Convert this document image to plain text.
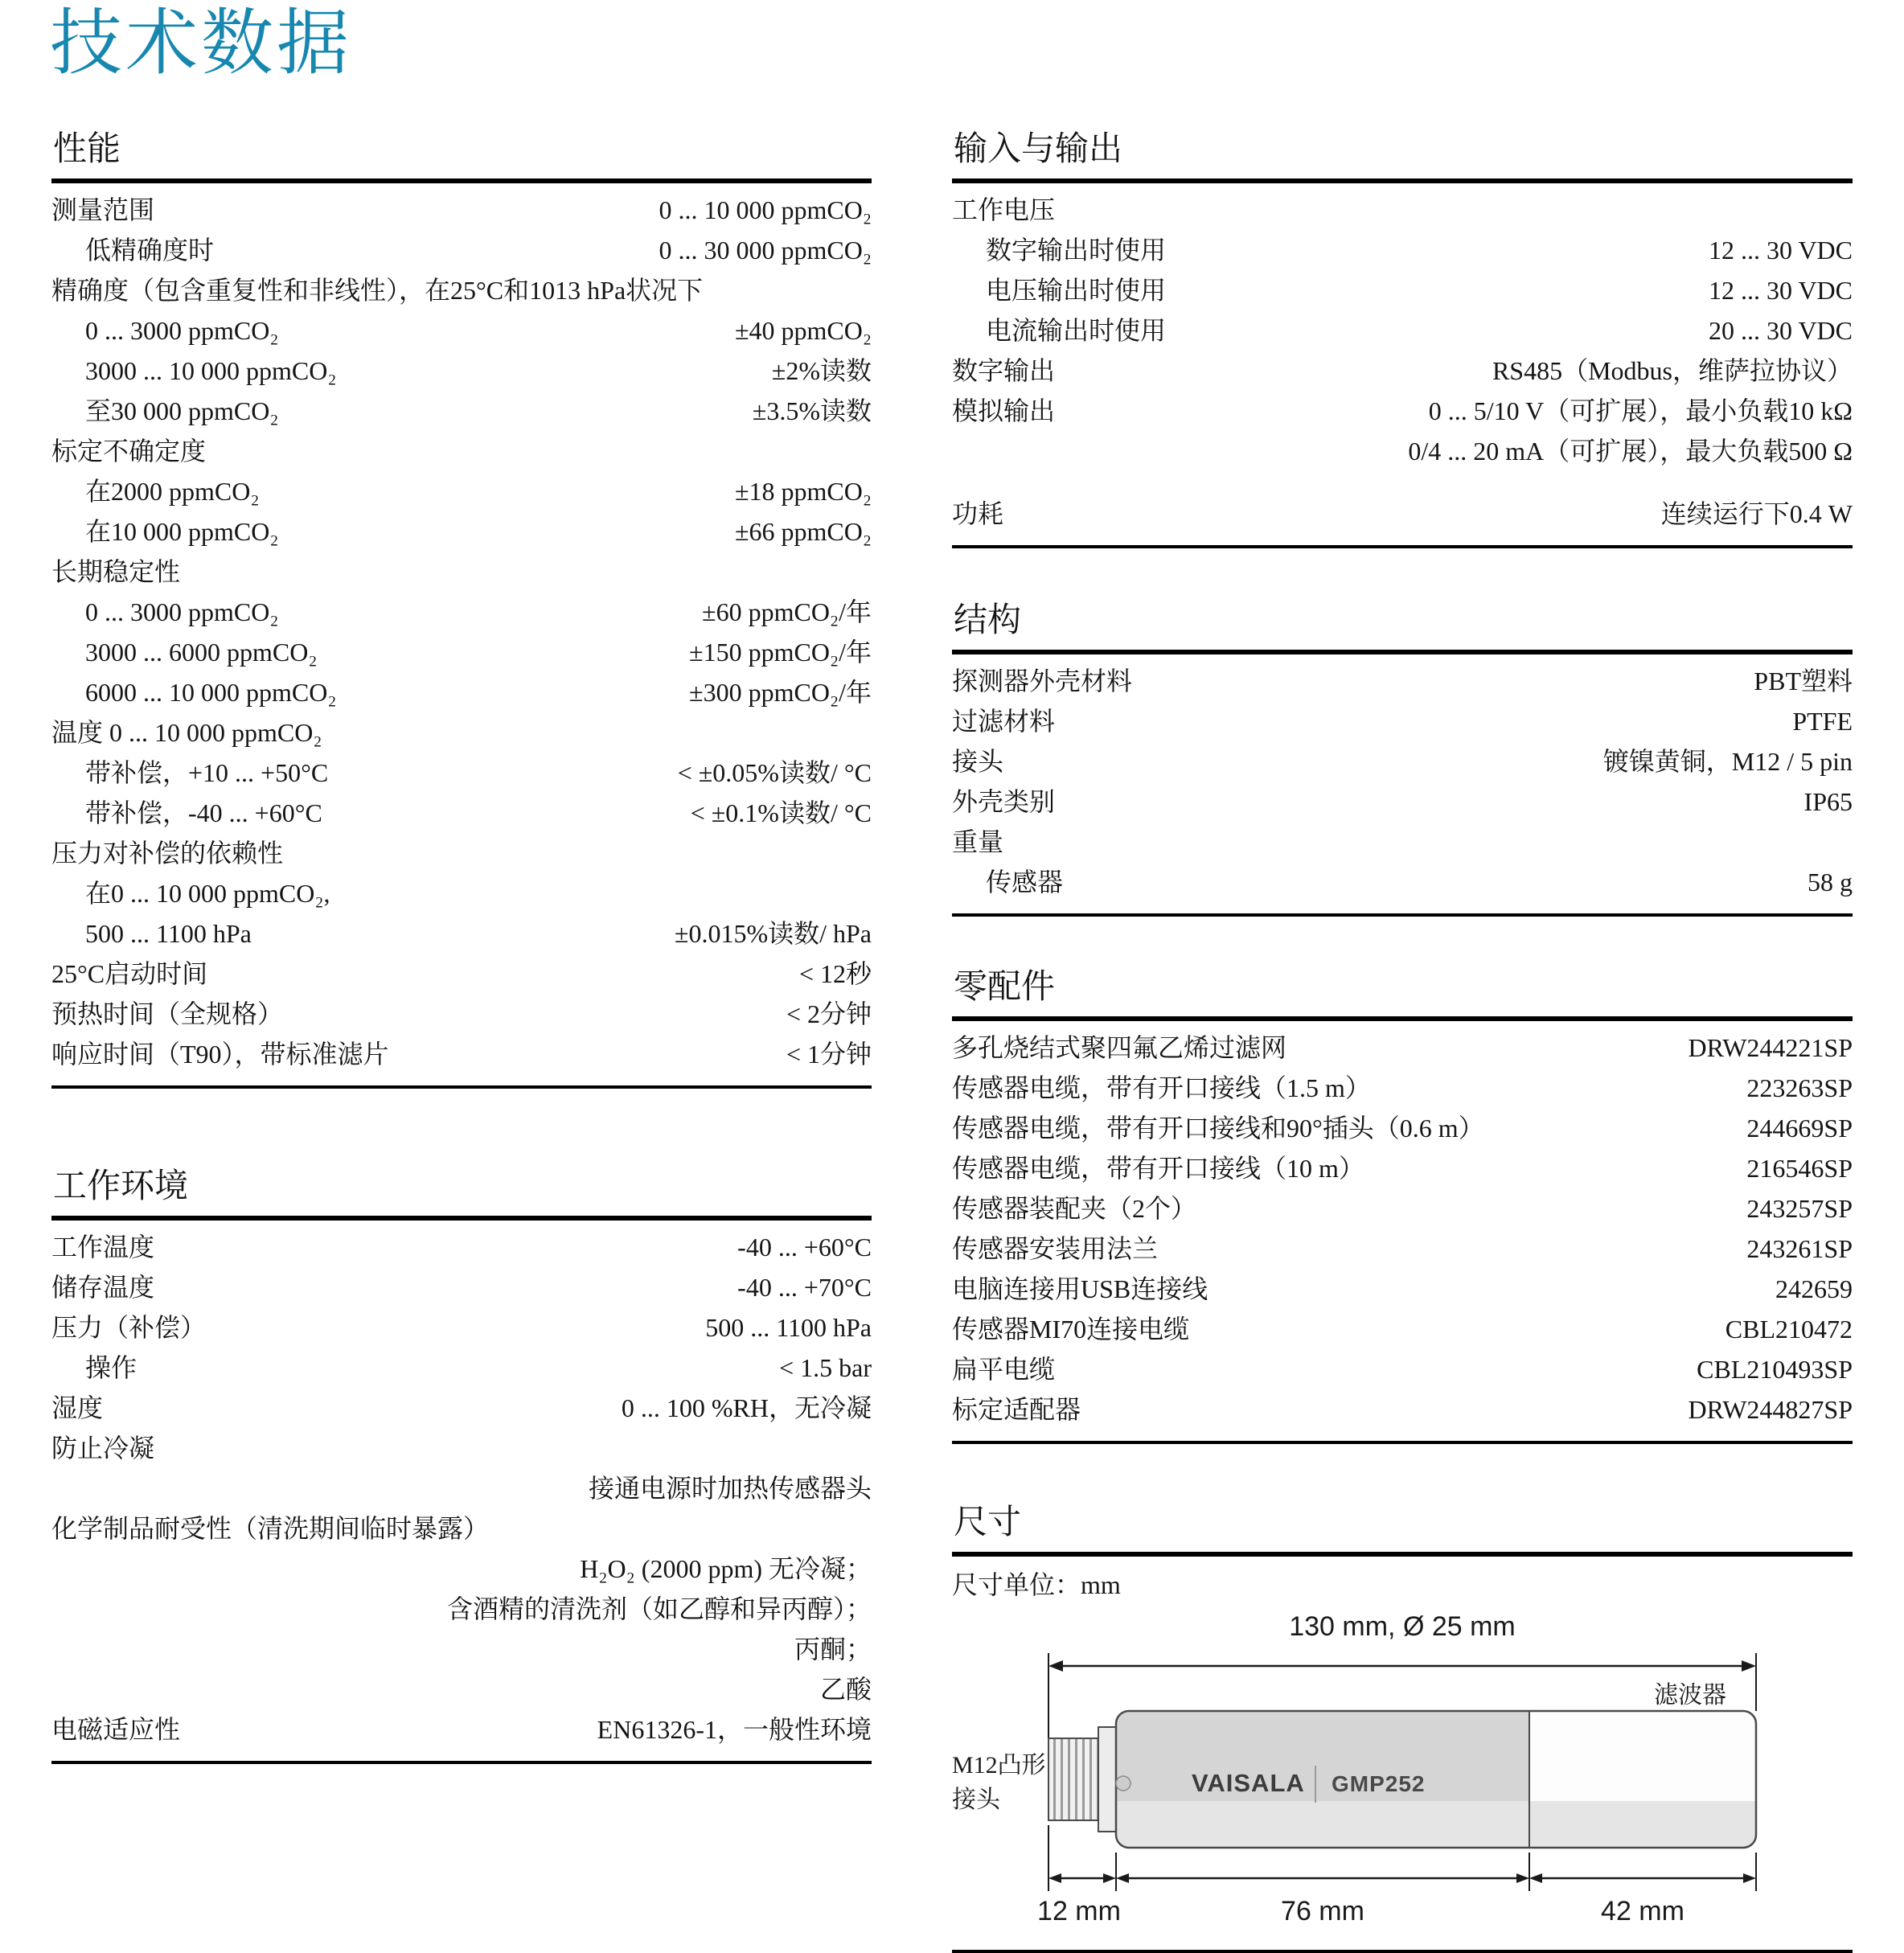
技术数据
性能
测量范围	0 ... 10 000 ppmCO₂
低精确度时	0 ... 30 000 ppmCO₂
精确度（包含重复性和非线性），在25°C和1013 hPa状况下
0 ... 3000 ppmCO₂	±40 ppmCO₂
3000 ... 10 000 ppmCO₂	±2%读数
至30 000 ppmCO₂	±3.5%读数
标定不确定度
在2000 ppmCO₂	±18 ppmCO₂
在10 000 ppmCO₂	±66 ppmCO₂
长期稳定性
0 ... 3000 ppmCO₂	±60 ppmCO₂/年
3000 ... 6000 ppmCO₂	±150 ppmCO₂/年
6000 ... 10 000 ppmCO₂	±300 ppmCO₂/年
温度 0 ... 10 000 ppmCO₂
带补偿，+10 ... +50°C	< ±0.05%读数/ °C
带补偿，-40 ... +60°C	< ±0.1%读数/ °C
压力对补偿的依赖性
在0 ... 10 000 ppmCO₂,
500 ... 1100 hPa	±0.015%读数/ hPa
25°C启动时间	< 12秒
预热时间（全规格）	< 2分钟
响应时间（T90），带标准滤片	< 1分钟
工作环境
工作温度	-40 ... +60°C
储存温度	-40 ... +70°C
压力（补偿）	500 ... 1100 hPa
操作	< 1.5 bar
湿度	0 ... 100 %RH，无冷凝
防止冷凝
接通电源时加热传感器头
化学制品耐受性（清洗期间临时暴露）
H₂O₂ (2000 ppm) 无冷凝；
含酒精的清洗剂（如乙醇和异丙醇）；
丙酮；
乙酸
电磁适应性	EN61326-1，一般性环境
输入与输出
工作电压
数字输出时使用	12 ... 30 VDC
电压输出时使用	12 ... 30 VDC
电流输出时使用	20 ... 30 VDC
数字输出	RS485（Modbus，维萨拉协议）
模拟输出	0 ... 5/10 V（可扩展），最小负载10 kΩ
0/4 ... 20 mA（可扩展），最大负载500 Ω
功耗	连续运行下0.4 W
结构
探测器外壳材料	PBT塑料
过滤材料	PTFE
接头	镀镍黄铜，M12 / 5 pin
外壳类别	IP65
重量
传感器	58 g
零配件
多孔烧结式聚四氟乙烯过滤网	DRW244221SP
传感器电缆，带有开口接线（1.5 m）	223263SP
传感器电缆，带有开口接线和90°插头（0.6 m）	244669SP
传感器电缆，带有开口接线（10 m）	216546SP
传感器装配夹（2个）	243257SP
传感器安装用法兰	243261SP
电脑连接用USB连接线	242659
传感器MI70连接电缆	CBL210472
扁平电缆	CBL210493SP
标定适配器	DRW244827SP
尺寸
尺寸单位：mm
130 mm, Ø 25 mm
滤波器
M12凸形
接头
VAISALA GMP252
12 mm	76 mm	42 mm
